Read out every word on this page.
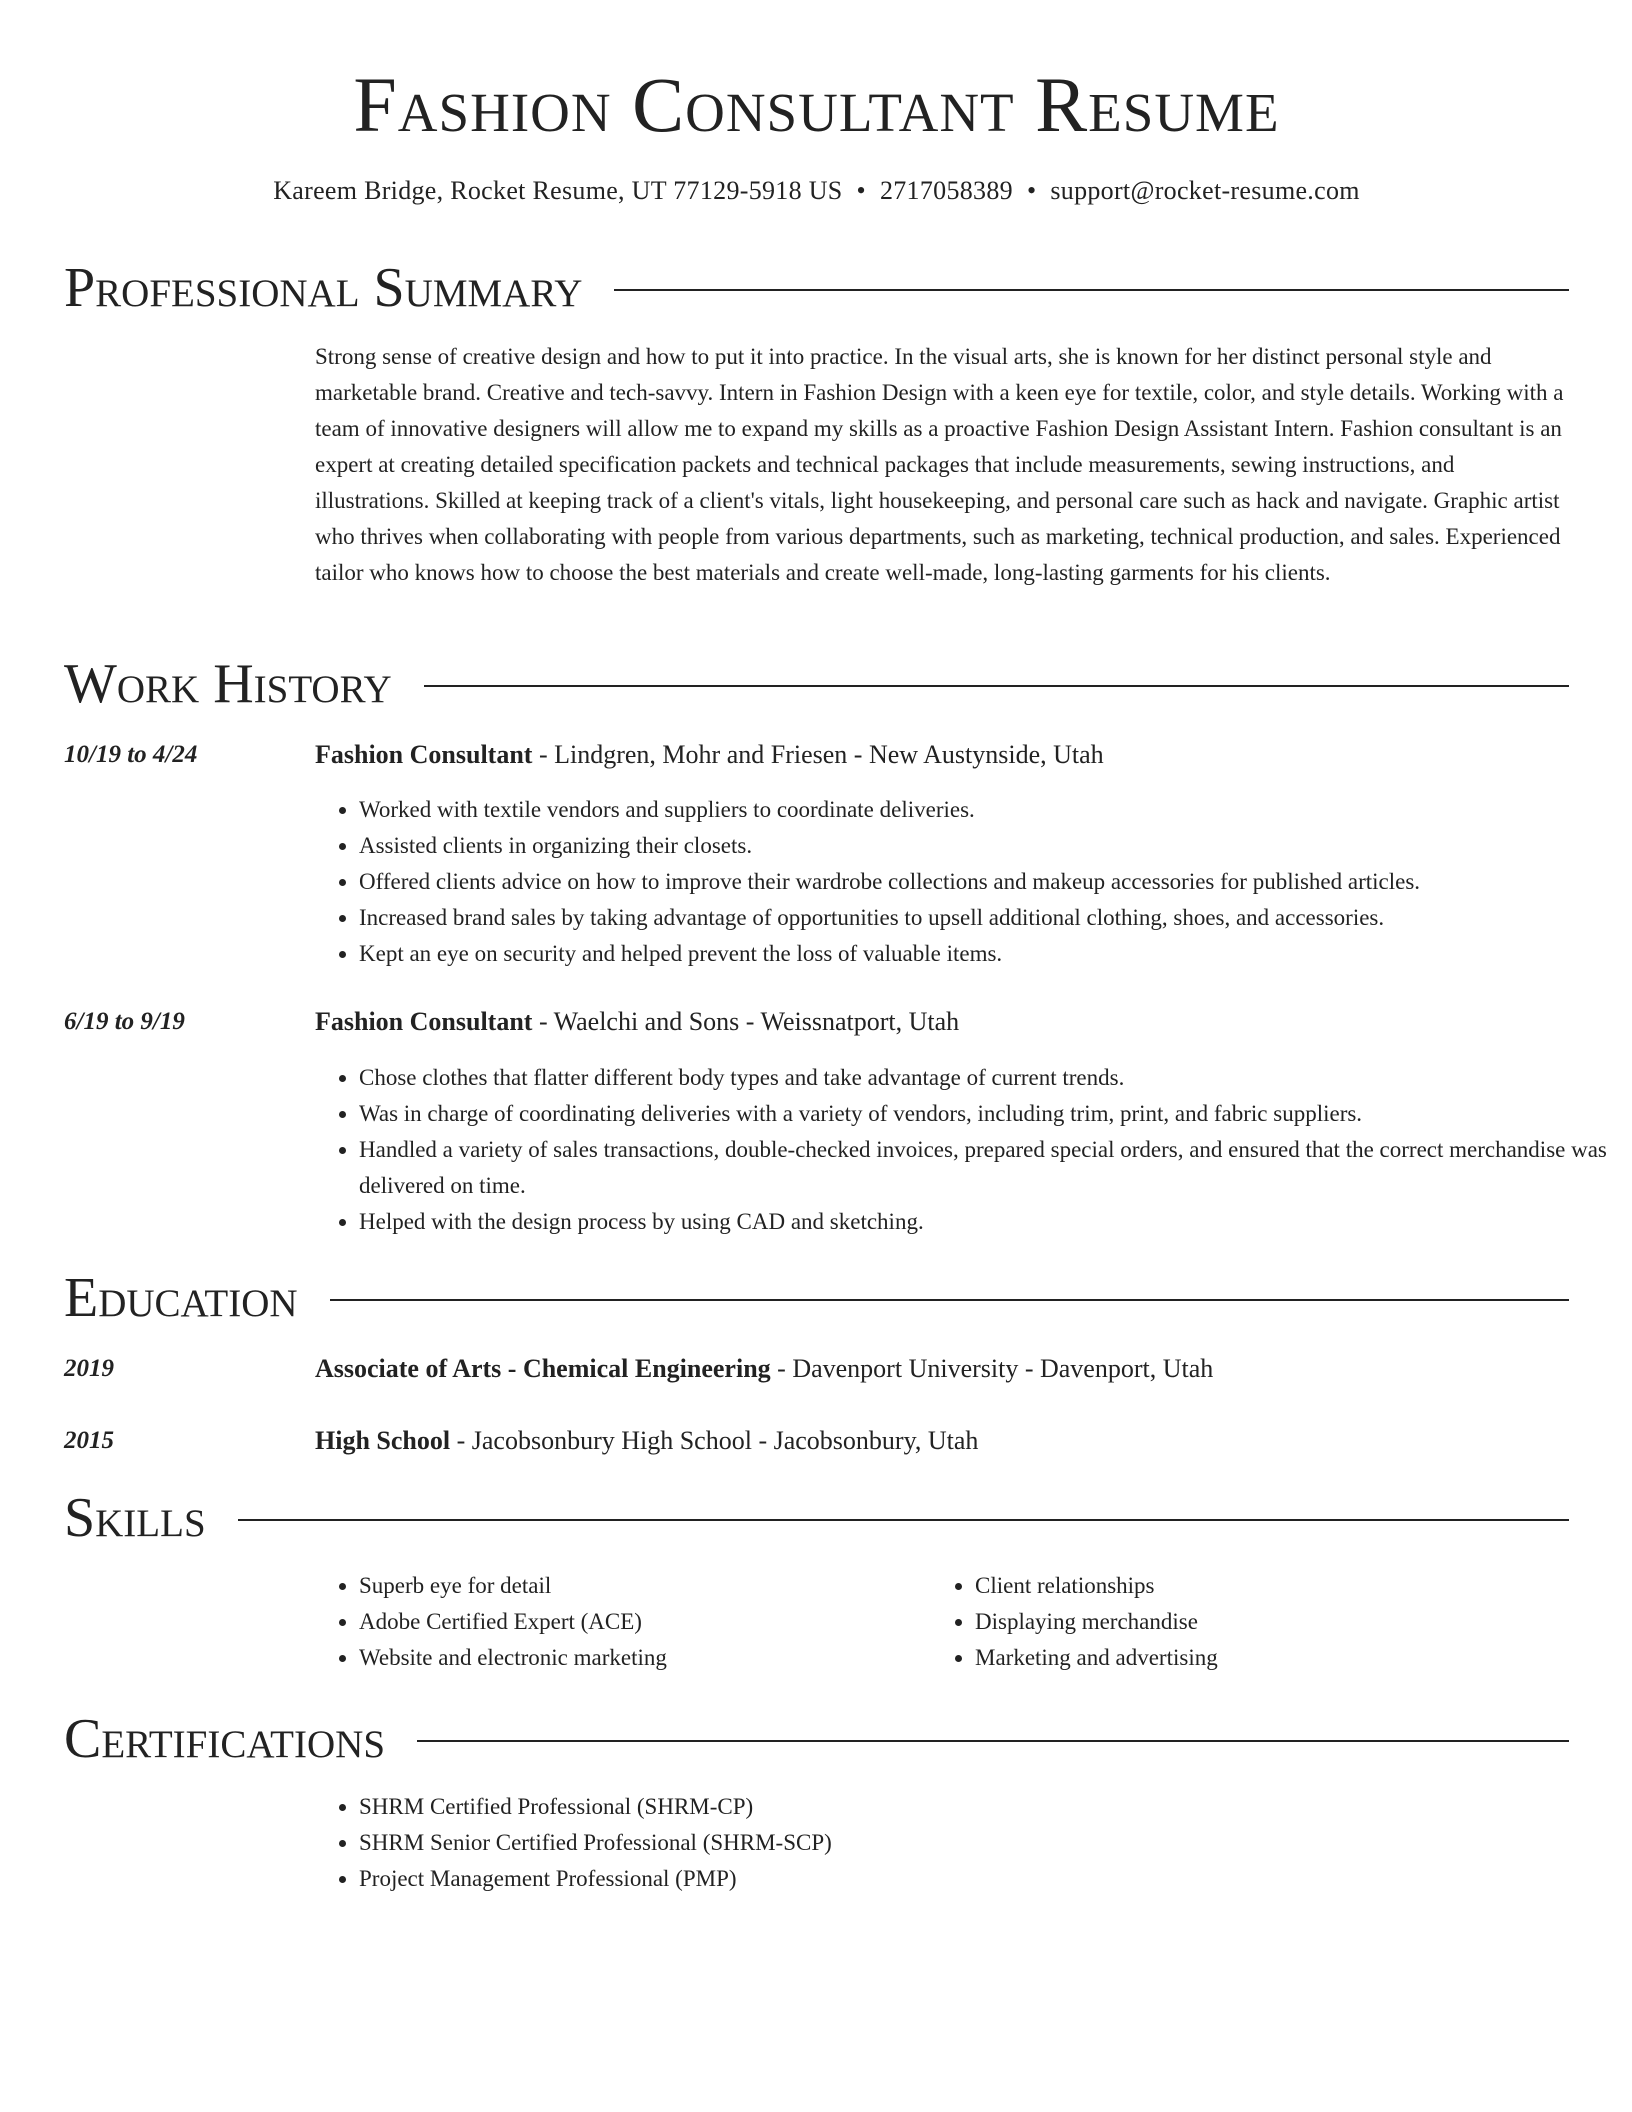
Fashion Consultant Resume
Kareem Bridge, Rocket Resume, UT 77129-5918 US • 2717058389 • support@rocket-resume.com
Professional Summary

Strong sense of creative design and how to put it into practice. In the visual arts, she is known for her distinct personal style and marketable brand. Creative and tech-savvy. Intern in Fashion Design with a keen eye for textile, color, and style details. Working with a team of innovative designers will allow me to expand my skills as a proactive Fashion Design Assistant Intern. Fashion consultant is an expert at creating detailed specification packets and technical packages that include measurements, sewing instructions, and illustrations. Skilled at keeping track of a client's vitals, light housekeeping, and personal care such as hack and navigate. Graphic artist who thrives when collaborating with people from various departments, such as marketing, technical production, and sales. Experienced tailor who knows how to choose the best materials and create well-made, long-lasting garments for his clients.

Work History
10/19 to 4/24	Fashion Consultant - Lindgren, Mohr and Friesen - New Austynside, Utah
• Worked with textile vendors and suppliers to coordinate deliveries.
• Assisted clients in organizing their closets.
• Offered clients advice on how to improve their wardrobe collections and makeup accessories for published articles.
• Increased brand sales by taking advantage of opportunities to upsell additional clothing, shoes, and accessories.
• Kept an eye on security and helped prevent the loss of valuable items.
6/19 to 9/19	Fashion Consultant - Waelchi and Sons - Weissnatport, Utah
• Chose clothes that flatter different body types and take advantage of current trends.
• Was in charge of coordinating deliveries with a variety of vendors, including trim, print, and fabric suppliers.
• Handled a variety of sales transactions, double-checked invoices, prepared special orders, and ensured that the correct merchandise was delivered on time.
• Helped with the design process by using CAD and sketching.
Education
2019	Associate of Arts - Chemical Engineering - Davenport University - Davenport, Utah
2015	High School - Jacobsonbury High School - Jacobsonbury, Utah
Skills
• Superb eye for detail
• Adobe Certified Expert (ACE)
• Website and electronic marketing
• Client relationships
• Displaying merchandise
• Marketing and advertising
Certifications
• SHRM Certified Professional (SHRM-CP)
• SHRM Senior Certified Professional (SHRM-SCP)
• Project Management Professional (PMP)
